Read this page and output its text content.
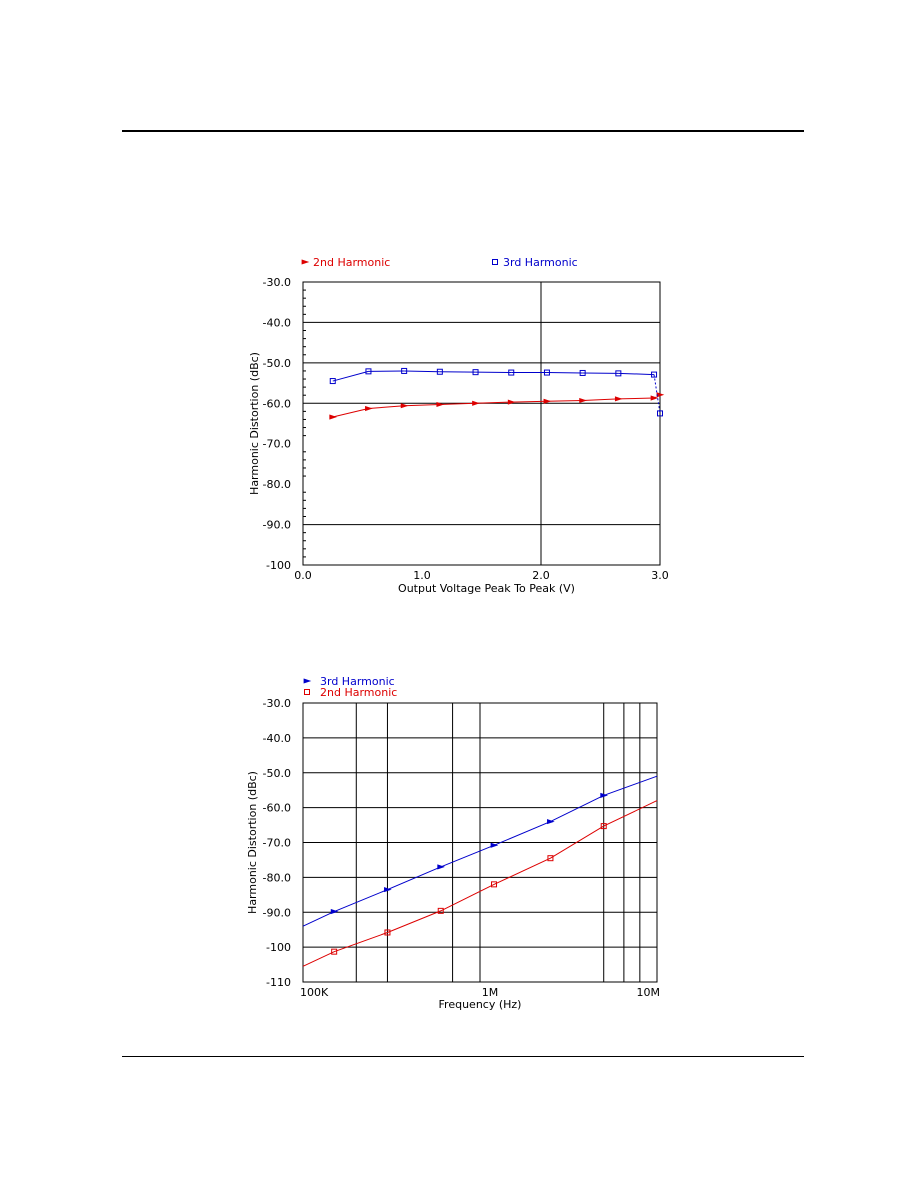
2nd Harmonic	3rd Harmonic
-30.0
-40.0
-50.0
-60.0
-70.0
-80.0
-90.0
-100
0.0	1.0	2.0	3.0
Output Voltage Peak To Peak (V)
Harmonic Distortion (dBc)
3rd Harmonic
2nd Harmonic
-30.0
-40.0
-50.0
-60.0
-70.0
-80.0
-90.0
-100
-110
100K	1M	10M
Frequency (Hz)
Harmonic Distortion (dBc)
